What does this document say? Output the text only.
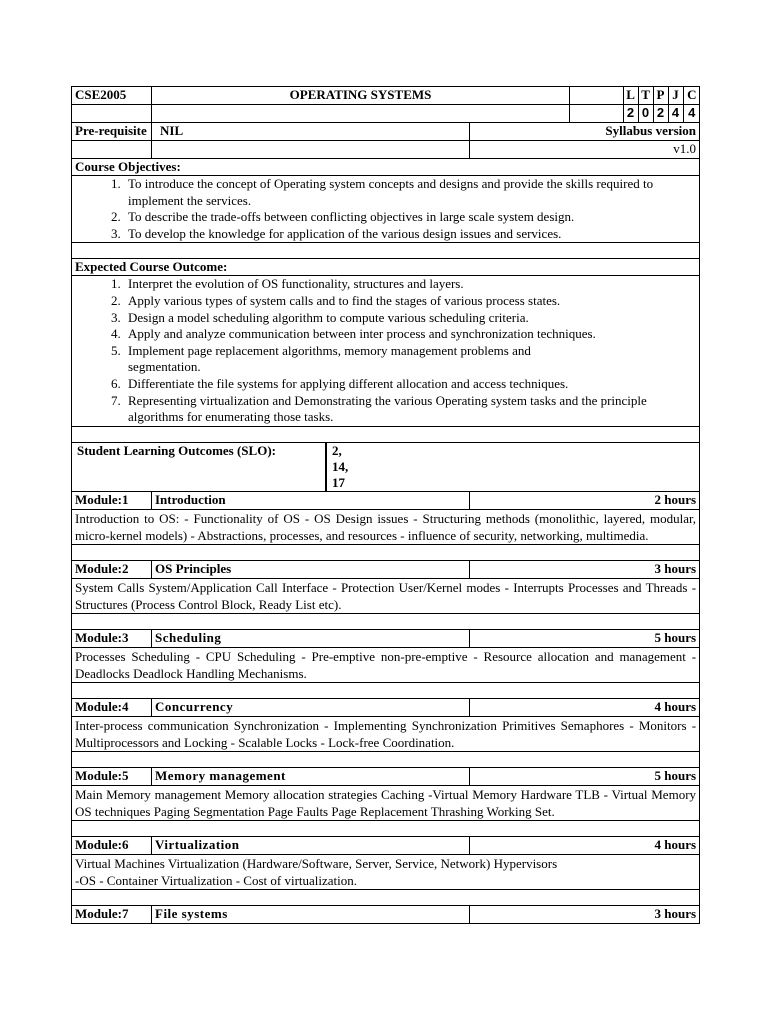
CSE2005	OPERATING SYSTEMS	
		L	T	P	J	C
	2	0	2	4	4

Pre-requisite	NIL	Syllabus version
		v1.0
Course Objectives:

1. To introduce the concept of Operating system concepts and designs and provide the skills required to implement the services.
2. To describe the trade-offs between conflicting objectives in large scale system design.
3. To develop the knowledge for application of the various design issues and services.

Expected Course Outcome:

1. Interpret the evolution of OS functionality, structures and layers.
2. Apply various types of system calls and to find the stages of various process states.
3. Design a model scheduling algorithm to compute various scheduling criteria.
4. Apply and analyze communication between inter process and synchronization techniques.
5. Implement page replacement algorithms, memory management problems and segmentation.
6. Differentiate the file systems for applying different allocation and access techniques.
7. Representing virtualization and Demonstrating the various Operating system tasks and the principle algorithms for enumerating those tasks.

Student Learning Outcomes (SLO):	2, 14, 17

Module:1	Introduction	2 hours
Introduction to OS: - Functionality of OS - OS Design issues - Structuring methods (monolithic, layered, modular, micro-kernel models) - Abstractions, processes, and resources - influence of security, networking, multimedia.

Module:2	OS Principles	3 hours
System Calls System/Application Call Interface - Protection User/Kernel modes - Interrupts Processes and Threads - Structures (Process Control Block, Ready List etc).

Module:3	Scheduling	5 hours
Processes Scheduling - CPU Scheduling - Pre-emptive non-pre-emptive - Resource allocation and management - Deadlocks Deadlock Handling Mechanisms.

Module:4	Concurrency	4 hours
Inter-process communication Synchronization - Implementing Synchronization Primitives Semaphores - Monitors - Multiprocessors and Locking - Scalable Locks - Lock-free Coordination.

Module:5	Memory management	5 hours
Main Memory management Memory allocation strategies Caching -Virtual Memory Hardware TLB - Virtual Memory OS techniques Paging Segmentation Page Faults Page Replacement Thrashing Working Set.

Module:6	Virtualization	4 hours
Virtual Machines Virtualization (Hardware/Software, Server, Service, Network) Hypervisors
-OS - Container Virtualization - Cost of virtualization.

Module:7	File systems	3 hours
